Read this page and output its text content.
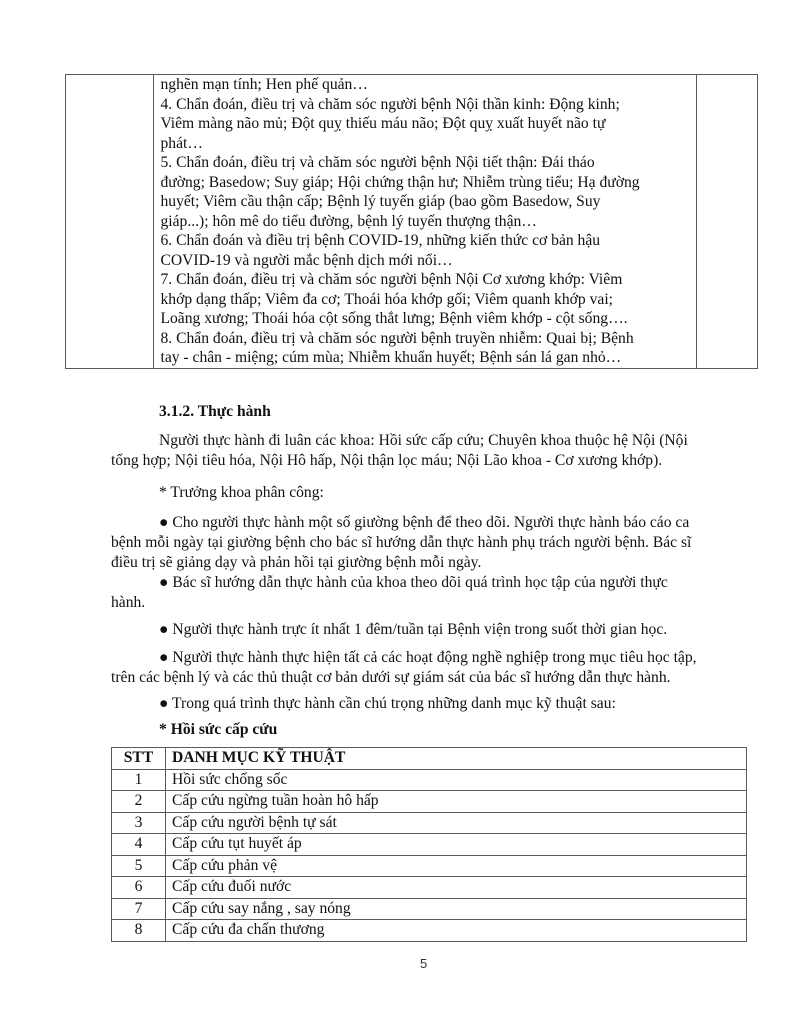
nghẽn mạn tính; Hen phế quản…
4. Chẩn đoán, điều trị và chăm sóc người bệnh Nội thần kinh: Động kinh;
Viêm màng não mủ; Đột quỵ thiếu máu não; Đột quỵ xuất huyết não tự
phát…
5. Chẩn đoán, điều trị và chăm sóc người bệnh Nội tiết thận: Đái tháo
đường; Basedow; Suy giáp; Hội chứng thận hư; Nhiễm trùng tiểu; Hạ đường
huyết; Viêm cầu thận cấp; Bệnh lý tuyến giáp (bao gồm Basedow, Suy
giáp...); hôn mê do tiểu đường, bệnh lý tuyến thượng thận…
6. Chẩn đoán và điều trị bệnh COVID-19, những kiến thức cơ bản hậu
COVID-19 và người mắc bệnh dịch mới nổi…
7. Chẩn đoán, điều trị và chăm sóc người bệnh Nội Cơ xương khớp: Viêm
khớp dạng thấp; Viêm đa cơ; Thoái hóa khớp gối; Viêm quanh khớp vai;
Loãng xương; Thoái hóa cột sống thắt lưng; Bệnh viêm khớp - cột sống….
8. Chẩn đoán, điều trị và chăm sóc người bệnh truyền nhiễm: Quai bị; Bệnh
tay - chân - miệng; cúm mùa; Nhiễm khuẩn huyết; Bệnh sán lá gan nhỏ…

3.1.2. Thực hành
Người thực hành đi luân các khoa: Hồi sức cấp cứu; Chuyên khoa thuộc hệ Nội (Nội
tổng hợp; Nội tiêu hóa, Nội Hô hấp, Nội thận lọc máu; Nội Lão khoa - Cơ xương khớp).
* Trưởng khoa phân công:
● Cho người thực hành một số giường bệnh để theo dõi. Người thực hành báo cáo ca
bệnh mỗi ngày tại giường bệnh cho bác sĩ hướng dẫn thực hành phụ trách người bệnh. Bác sĩ
điều trị sẽ giảng dạy và phản hồi tại giường bệnh mỗi ngày.
● Bác sĩ hướng dẫn thực hành của khoa theo dõi quá trình học tập của người thực
hành.
● Người thực hành trực ít nhất 1 đêm/tuần tại Bệnh viện trong suốt thời gian học.
● Người thực hành thực hiện tất cả các hoạt động nghề nghiệp trong mục tiêu học tập,
trên các bệnh lý và các thủ thuật cơ bản dưới sự giám sát của bác sĩ hướng dẫn thực hành.
● Trong quá trình thực hành cần chú trọng những danh mục kỹ thuật sau:
* Hồi sức cấp cứu
STT	DANH MỤC KỸ THUẬT
1	Hồi sức chống sốc
2	Cấp cứu ngừng tuần hoàn hô hấp
3	Cấp cứu người bệnh tự sát
4	Cấp cứu tụt huyết áp
5	Cấp cứu phản vệ
6	Cấp cứu đuối nước
7	Cấp cứu say nắng , say nóng
8	Cấp cứu đa chấn thương
5
